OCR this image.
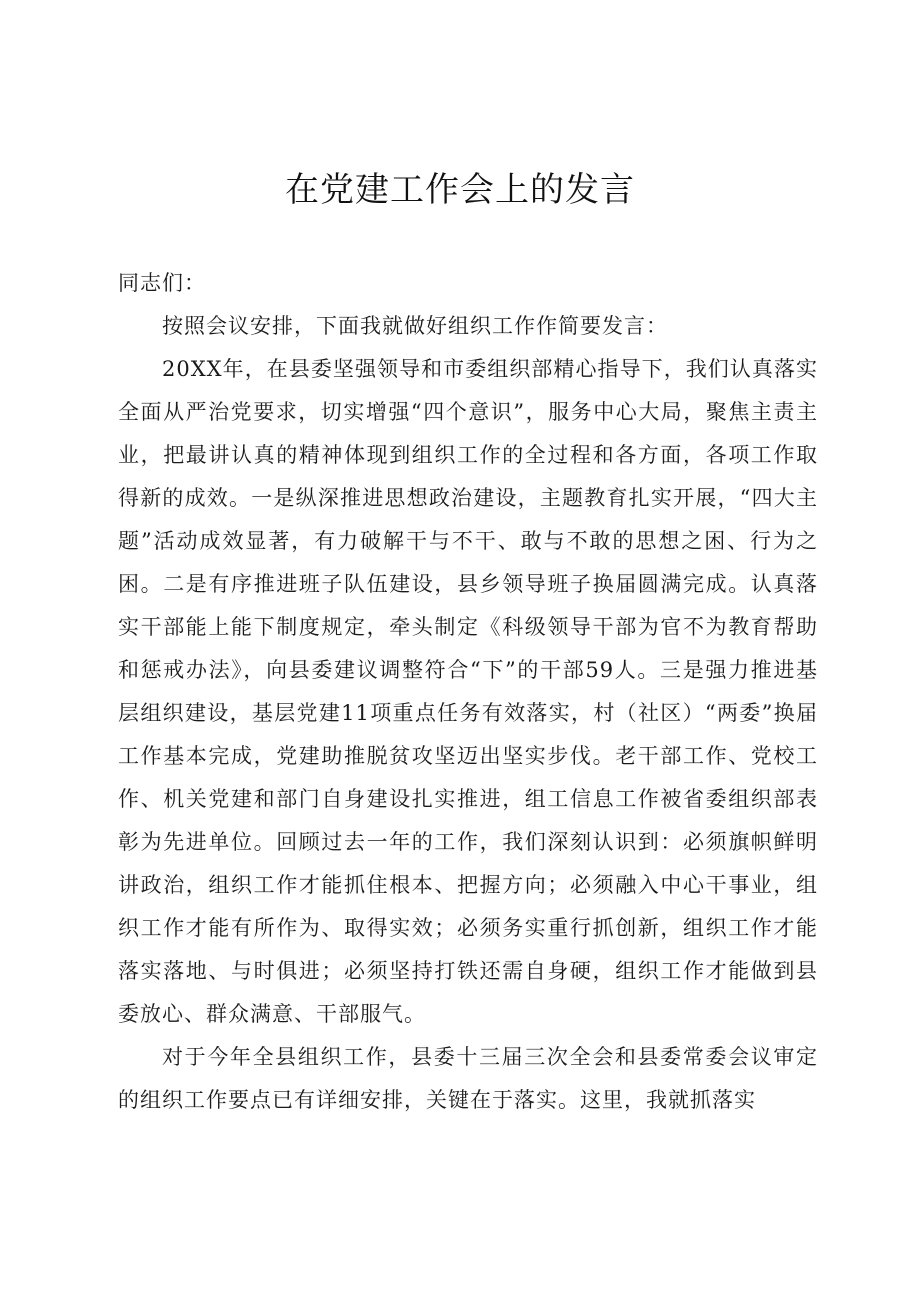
在党建工作会上的发言

同志们：

按照会议安排，下面我就做好组织工作作简要发言：

20XX年，在县委坚强领导和市委组织部精心指导下，我们认真落实全面从严治党要求，切实增强“四个意识”，服务中心大局，聚焦主责主业，把最讲认真的精神体现到组织工作的全过程和各方面，各项工作取得新的成效。一是纵深推进思想政治建设，主题教育扎实开展，“四大主题”活动成效显著，有力破解干与不干、敢与不敢的思想之困、行为之困。二是有序推进班子队伍建设，县乡领导班子换届圆满完成。认真落实干部能上能下制度规定，牵头制定《科级领导干部为官不为教育帮助和惩戒办法》，向县委建议调整符合“下”的干部59人。三是强力推进基层组织建设，基层党建11项重点任务有效落实，村（社区）“两委”换届工作基本完成，党建助推脱贫攻坚迈出坚实步伐。老干部工作、党校工作、机关党建和部门自身建设扎实推进，组工信息工作被省委组织部表彰为先进单位。回顾过去一年的工作，我们深刻认识到：必须旗帜鲜明讲政治，组织工作才能抓住根本、把握方向；必须融入中心干事业，组织工作才能有所作为、取得实效；必须务实重行抓创新，组织工作才能落实落地、与时俱进；必须坚持打铁还需自身硬，组织工作才能做到县委放心、群众满意、干部服气。

对于今年全县组织工作，县委十三届三次全会和县委常委会议审定的组织工作要点已有详细安排，关键在于落实。这里，我就抓落实
